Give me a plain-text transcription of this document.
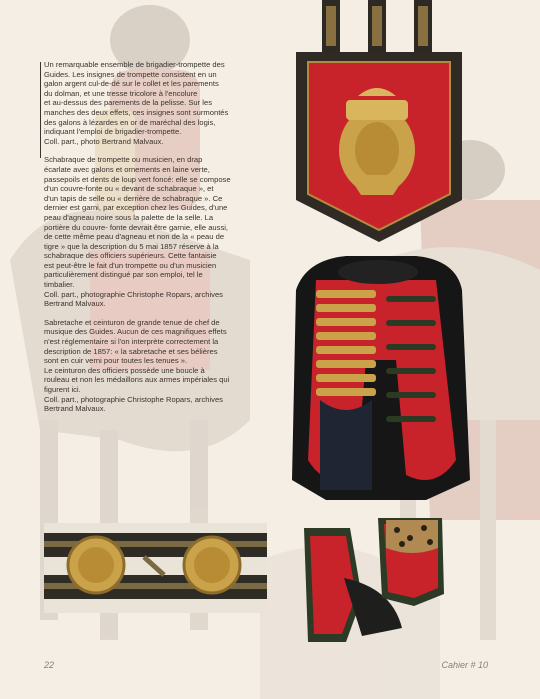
Un remarquable ensemble de brigadier-trompette des
Guides. Les insignes de trompette consistent en un
galon argent cul-de-dé sur le collet et les parements
du dolman, et une tresse tricolore à l'encolure
et au-dessus des parements de la pelisse. Sur les
manches des deux effets, ces insignes sont surmontés
des galons à lézardes en or de maréchal des logis,
indiquant l'emploi de brigadier-trompette.
Coll. part., photo Bertrand Malvaux.

Schabraque de trompette ou musicien, en drap
écarlate avec galons et ornements en laine verte,
passepoils et dents de loup vert foncé: elle se compose
d'un couvre-fonte ou « devant de schabraque », et
d'un tapis de selle ou « derrière de schabraque ». Ce
dernier est garni, par exception chez les Guides, d'une
peau d'agneau noire sous la palette de la selle. La
portière du couvre- fonte devrait être garnie, elle aussi,
de cette même peau d'agneau et non de la « peau de
tigre » que la description du 5 mai 1857 réserve à la
schabraque des officiers supérieurs. Cette fantaisie
est peut-être le fait d'un trompette ou d'un musicien
particulièrement distingué par son emploi, tel le
timbalier.
Coll. part., photographie Christophe Ropars, archives
Bertrand Malvaux.

Sabretache et ceinturon de grande tenue de chef de
musique des Guides. Aucun de ces magnifiques effets
n'est réglementaire si l'on interprète correctement la
description de 1857: « la sabretache et ses bélières
sont en cuir verni pour toutes les tenues ».
Le ceinturon des officiers possède une boucle à
rouleau et non les médaillons aux armes impériales qui
figurent ici.
Coll. part., photographie Christophe Ropars, archives
Bertrand Malvaux.

22	Cahier # 10
